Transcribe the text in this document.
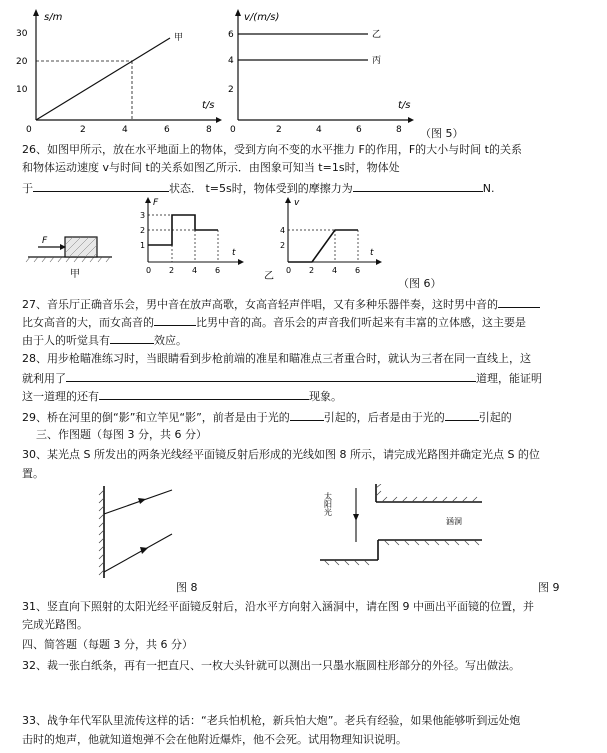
s/m
t/s
30
20
10
0	2	4	6	8
甲
v/(m/s)
t/s
6
4
2
0	2	4	6	8
乙
丙
（图 5）
26、如图甲所示，放在水平地面上的物体，受到方向不变的水平推力 F的作用，F的大小与时间 t的关系
和物体运动速度 v与时间 t的关系如图乙所示．由图象可知当 t=1s时，物体处
于	状态． t=5s时，物体受到的摩擦力为	N.
F
甲
F
t
3
2
1
0 2 4 6
v
t
4
2
0 2 4 6
乙
（图 6）
27、音乐厅正确音乐会，男中音在放声高歌，女高音轻声伴唱，又有多种乐器伴奏，这时男中音的
比女高音的大，而女高音的	比男中音的高。音乐会的声音我们听起来有丰富的立体感，这主要是
由于人的听觉具有	效应。
28、用步枪瞄准练习时，当眼睛看到步枪前端的准星和瞄准点三者重合时，就认为三者在同一直线上，这
就利用了	道理，能证明
这一道理的还有	现象。
29、桥在河里的倒“影”和立竿见“影”，前者是由于光的	引起的，后者是由于光的	引起的
三、作图题（每图 3 分，共 6 分）
30、某光点 S 所发出的两条光线经平面镜反射后形成的光线如图 8 所示，请完成光路图并确定光点 S 的位
置。
图 8
太阳光
涵洞
图 9
31、竖直向下照射的太阳光经平面镜反射后，沿水平方向射入涵洞中，请在图 9 中画出平面镜的位置，并
完成光路图。
四、简答题（每题 3 分，共 6 分）
32、裁一张白纸条，再有一把直尺、一枚大头针就可以测出一只墨水瓶圆柱形部分的外径。写出做法。
33、战争年代军队里流传这样的话：“老兵怕机枪，新兵怕大炮”。老兵有经验，如果他能够听到远处炮
击时的炮声，他就知道炮弹不会在他附近爆炸，他不会死。试用物理知识说明。
